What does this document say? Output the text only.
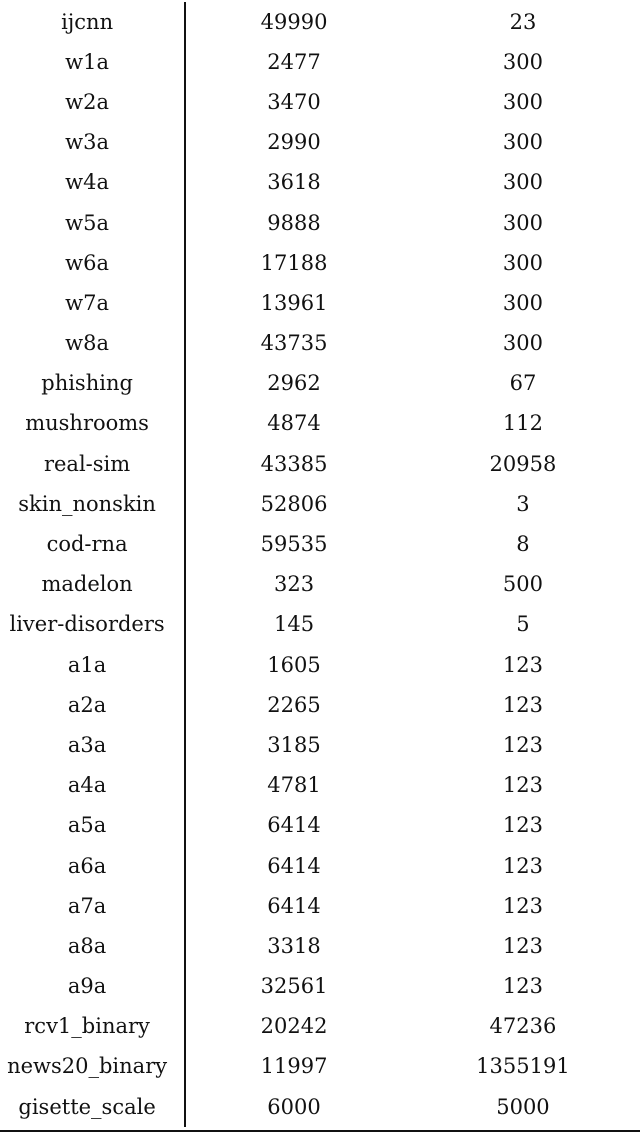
ijcnn	49990	23
w1a	2477	300
w2a	3470	300
w3a	2990	300
w4a	3618	300
w5a	9888	300
w6a	17188	300
w7a	13961	300
w8a	43735	300
phishing	2962	67
mushrooms	4874	112
real-sim	43385	20958
skin_nonskin	52806	3
cod-rna	59535	8
madelon	323	500
liver-disorders	145	5
a1a	1605	123
a2a	2265	123
a3a	3185	123
a4a	4781	123
a5a	6414	123
a6a	6414	123
a7a	6414	123
a8a	3318	123
a9a	32561	123
rcv1_binary	20242	47236
news20_binary	11997	1355191
gisette_scale	6000	5000
